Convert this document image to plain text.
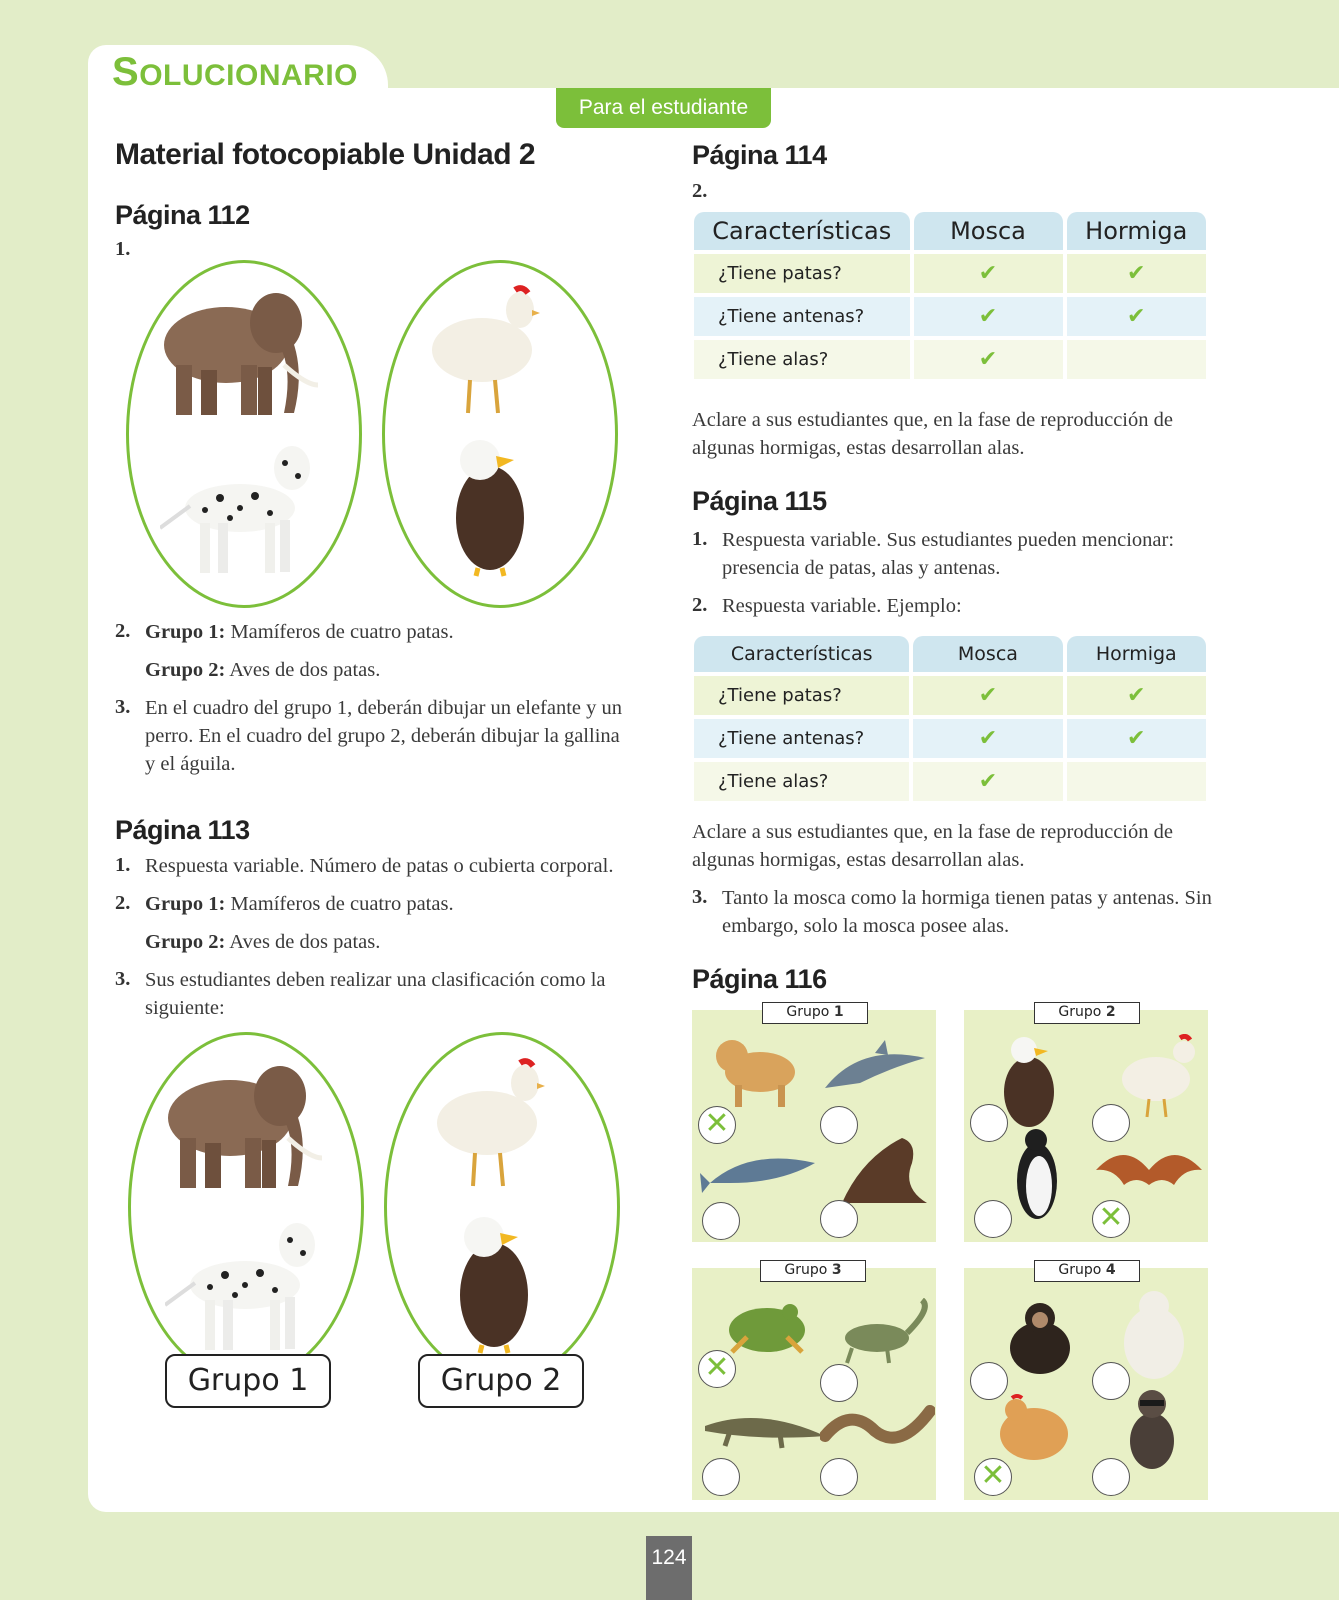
SOLUCIONARIO
Para el estudiante
Material fotocopiable Unidad 2
Página 112
1.
2. Grupo 1: Mamíferos de cuatro patas.
Grupo 2: Aves de dos patas.
3. En el cuadro del grupo 1, deberán dibujar un elefante y un perro. En el cuadro del grupo 2, deberán dibujar la gallina y el águila.
Página 113
1. Respuesta variable. Número de patas o cubierta corporal.
2. Grupo 1: Mamíferos de cuatro patas.
Grupo 2: Aves de dos patas.
3. Sus estudiantes deben realizar una clasificación como la siguiente:
Grupo 1	Grupo 2
Página 114
2.
Características	Mosca	Hormiga
¿Tiene patas?	✔	✔
¿Tiene antenas?	✔	✔
¿Tiene alas?	✔	
Aclare a sus estudiantes que, en la fase de reproducción de algunas hormigas, estas desarrollan alas.
Página 115
1. Respuesta variable. Sus estudiantes pueden mencionar: presencia de patas, alas y antenas.
2. Respuesta variable. Ejemplo:
Características	Mosca	Hormiga
¿Tiene patas?	✔	✔
¿Tiene antenas?	✔	✔
¿Tiene alas?	✔	
Aclare a sus estudiantes que, en la fase de reproducción de algunas hormigas, estas desarrollan alas.
3. Tanto la mosca como la hormiga tienen patas y antenas. Sin embargo, solo la mosca posee alas.
Página 116
Grupo 1
✕
Grupo 2
✕
Grupo 3
✕
Grupo 4
✕
124
